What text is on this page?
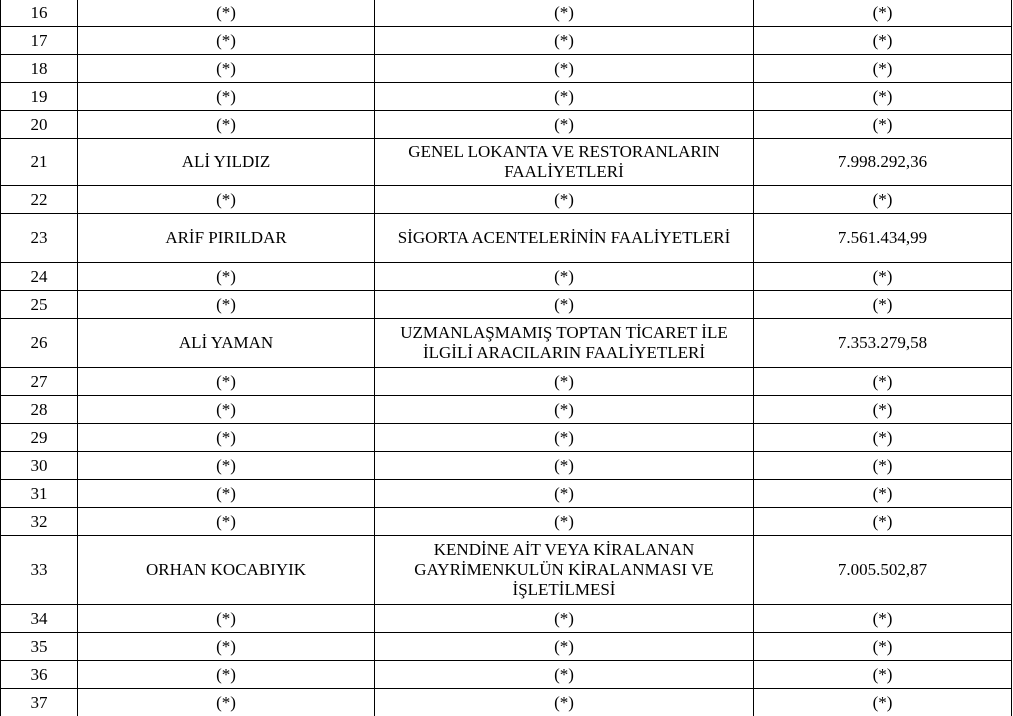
16	(*)	(*)	(*)
17	(*)	(*)	(*)
18	(*)	(*)	(*)
19	(*)	(*)	(*)
20	(*)	(*)	(*)
21	ALİ YILDIZ	GENEL LOKANTA VE RESTORANLARIN FAALİYETLERİ	7.998.292,36
22	(*)	(*)	(*)
23	ARİF PIRILDAR	SİGORTA ACENTELERİNİN FAALİYETLERİ	7.561.434,99
24	(*)	(*)	(*)
25	(*)	(*)	(*)
26	ALİ YAMAN	UZMANLAŞMAMIŞ TOPTAN TİCARET İLE İLGİLİ ARACILARIN FAALİYETLERİ	7.353.279,58
27	(*)	(*)	(*)
28	(*)	(*)	(*)
29	(*)	(*)	(*)
30	(*)	(*)	(*)
31	(*)	(*)	(*)
32	(*)	(*)	(*)
33	ORHAN KOCABIYIK	KENDİNE AİT VEYA KİRALANAN GAYRİMENKULÜN KİRALANMASI VE İŞLETİLMESİ	7.005.502,87
34	(*)	(*)	(*)
35	(*)	(*)	(*)
36	(*)	(*)	(*)
37	(*)	(*)	(*)
